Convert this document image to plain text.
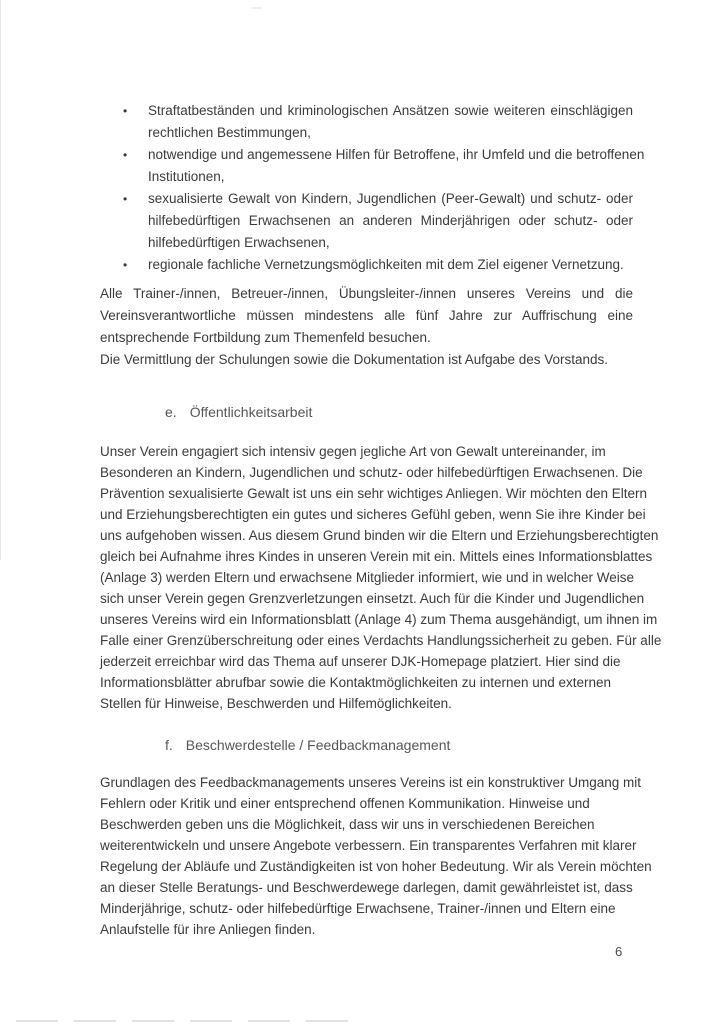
• Straftatbeständen und kriminologischen Ansätzen sowie weiteren einschlägigen
rechtlichen Bestimmungen,
• notwendige und angemessene Hilfen für Betroffene, ihr Umfeld und die betroffenen
Institutionen,
• sexualisierte Gewalt von Kindern, Jugendlichen (Peer-Gewalt) und schutz- oder
hilfebedürftigen Erwachsenen an anderen Minderjährigen oder schutz- oder
hilfebedürftigen Erwachsenen,
• regionale fachliche Vernetzungsmöglichkeiten mit dem Ziel eigener Vernetzung.
Alle Trainer-/innen, Betreuer-/innen, Übungsleiter-/innen unseres Vereins und die
Vereinsverantwortliche müssen mindestens alle fünf Jahre zur Auffrischung eine
entsprechende Fortbildung zum Themenfeld besuchen.
Die Vermittlung der Schulungen sowie die Dokumentation ist Aufgabe des Vorstands.
e. Öffentlichkeitsarbeit
Unser Verein engagiert sich intensiv gegen jegliche Art von Gewalt untereinander, im
Besonderen an Kindern, Jugendlichen und schutz- oder hilfebedürftigen Erwachsenen. Die
Prävention sexualisierte Gewalt ist uns ein sehr wichtiges Anliegen. Wir möchten den Eltern
und Erziehungsberechtigten ein gutes und sicheres Gefühl geben, wenn Sie ihre Kinder bei
uns aufgehoben wissen. Aus diesem Grund binden wir die Eltern und Erziehungsberechtigten
gleich bei Aufnahme ihres Kindes in unseren Verein mit ein. Mittels eines Informationsblattes
(Anlage 3) werden Eltern und erwachsene Mitglieder informiert, wie und in welcher Weise
sich unser Verein gegen Grenzverletzungen einsetzt. Auch für die Kinder und Jugendlichen
unseres Vereins wird ein Informationsblatt (Anlage 4) zum Thema ausgehändigt, um ihnen im
Falle einer Grenzüberschreitung oder eines Verdachts Handlungssicherheit zu geben. Für alle
jederzeit erreichbar wird das Thema auf unserer DJK-Homepage platziert. Hier sind die
Informationsblätter abrufbar sowie die Kontaktmöglichkeiten zu internen und externen
Stellen für Hinweise, Beschwerden und Hilfemöglichkeiten.
f. Beschwerdestelle / Feedbackmanagement
Grundlagen des Feedbackmanagements unseres Vereins ist ein konstruktiver Umgang mit
Fehlern oder Kritik und einer entsprechend offenen Kommunikation. Hinweise und
Beschwerden geben uns die Möglichkeit, dass wir uns in verschiedenen Bereichen
weiterentwickeln und unsere Angebote verbessern. Ein transparentes Verfahren mit klarer
Regelung der Abläufe und Zuständigkeiten ist von hoher Bedeutung. Wir als Verein möchten
an dieser Stelle Beratungs- und Beschwerdewege darlegen, damit gewährleistet ist, dass
Minderjährige, schutz- oder hilfebedürftige Erwachsene, Trainer-/innen und Eltern eine
Anlaufstelle für ihre Anliegen finden.
6
